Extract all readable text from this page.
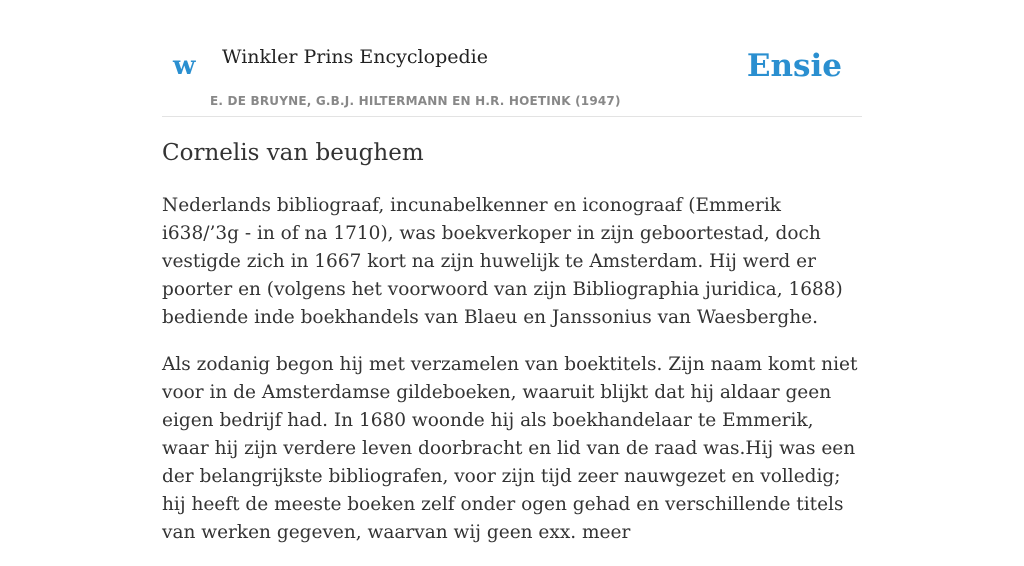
w Winkler Prins Encyclopedie
E. DE BRUYNE, G.B.J. HILTERMANN EN H.R. HOETINK (1947)
Ensie
Cornelis van beughem

Nederlands bibliograaf, incunabelkenner en iconograaf (Emmerik i638/’3g - in of na 1710), was boekverkoper in zijn geboortestad, doch vestigde zich in 1667 kort na zijn huwelijk te Amsterdam. Hij werd er poorter en (volgens het voorwoord van zijn Bibliographia juridica, 1688) bediende inde boekhandels van Blaeu en Janssonius van Waesberghe.

Als zodanig begon hij met verzamelen van boektitels. Zijn naam komt niet voor in de Amsterdamse gildeboeken, waaruit blijkt dat hij aldaar geen eigen bedrijf had. In 1680 woonde hij als boekhandelaar te Emmerik, waar hij zijn verdere leven doorbracht en lid van de raad was.Hij was een der belangrijkste bibliografen, voor zijn tijd zeer nauwgezet en volledig; hij heeft de meeste boeken zelf onder ogen gehad en verschillende titels van werken gegeven, waarvan wij geen exx. meer
